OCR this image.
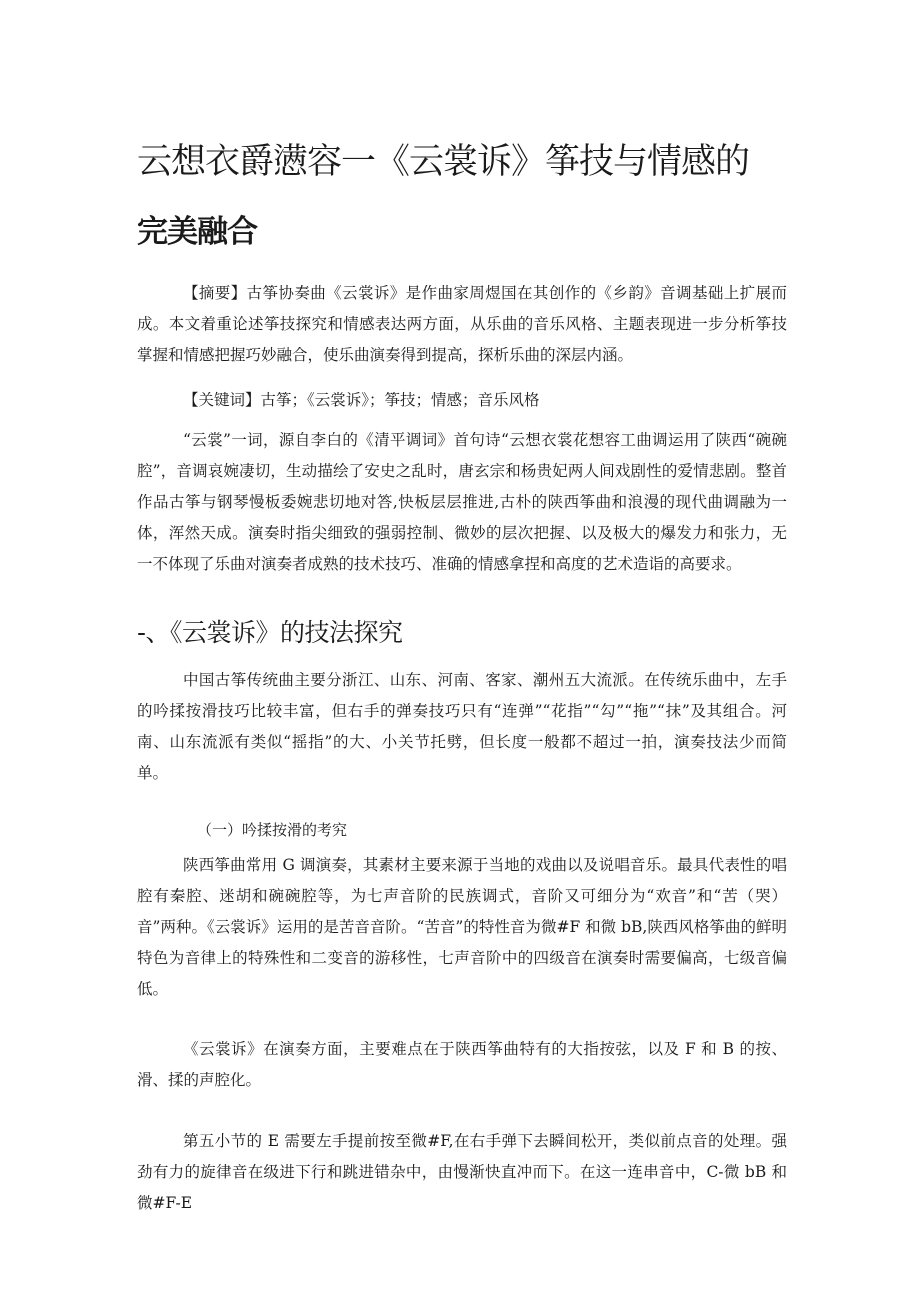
云想衣爵懑容一《云裳诉》筝技与情感的
完美融合

【摘要】古筝协奏曲《云裳诉》是作曲家周煜国在其创作的《乡韵》音调基础上扩展而成。本文着重论述筝技探究和情感表达两方面，从乐曲的音乐风格、主题表现进一步分析筝技掌握和情感把握巧妙融合，使乐曲演奏得到提高，探析乐曲的深层内涵。

【关键词】古筝；《云裳诉》；筝技；情感；音乐风格

“云裳”一词，源自李白的《清平调词》首句诗“云想衣裳花想容工曲调运用了陕西“碗碗腔”，音调哀婉凄切，生动描绘了安史之乱时，唐玄宗和杨贵妃两人间戏剧性的爱情悲剧。整首作品古筝与钢琴慢板委婉悲切地对答,快板层层推进,古朴的陕西筝曲和浪漫的现代曲调融为一体，浑然天成。演奏时指尖细致的强弱控制、微妙的层次把握、以及极大的爆发力和张力，无一不体现了乐曲对演奏者成熟的技术技巧、准确的情感拿捏和高度的艺术造诣的高要求。

-、《云裳诉》的技法探究

中国古筝传统曲主要分浙江、山东、河南、客家、潮州五大流派。在传统乐曲中，左手的吟揉按滑技巧比较丰富，但右手的弹奏技巧只有“连弹”“花指”“勾”“拖”“抹”及其组合。河南、山东流派有类似“摇指”的大、小关节托劈，但长度一般都不超过一拍，演奏技法少而简单。

（一）吟揉按滑的考究

陕西筝曲常用 G 调演奏，其素材主要来源于当地的戏曲以及说唱音乐。最具代表性的唱腔有秦腔、迷胡和碗碗腔等，为七声音阶的民族调式，音阶又可细分为“欢音”和“苦（哭）音”两种。《云裳诉》运用的是苦音音阶。“苦音”的特性音为微#F 和微 bB,陕西风格筝曲的鲜明特色为音律上的特殊性和二变音的游移性，七声音阶中的四级音在演奏时需要偏高，七级音偏低。

《云裳诉》在演奏方面，主要难点在于陕西筝曲特有的大指按弦，以及 F 和 B 的按、滑、揉的声腔化。

第五小节的 E 需要左手提前按至微#F,在右手弹下去瞬间松开，类似前点音的处理。强劲有力的旋律音在级进下行和跳进错杂中，由慢渐快直冲而下。在这一连串音中，C-微 bB 和微#F-E
